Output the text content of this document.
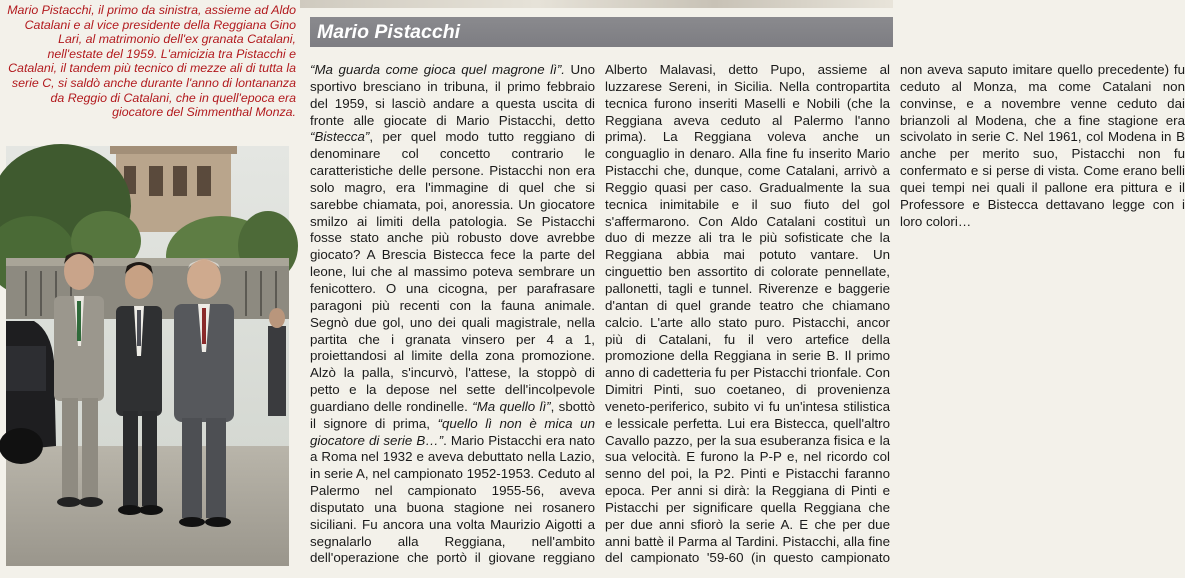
Mario Pistacchi, il primo da sinistra, assieme ad Aldo Catalani e al vice presidente della Reggiana Gino Lari, al matrimonio dell'ex granata Catalani, nell'estate del 1959. L'amicizia tra Pistacchi e Catalani, il tandem più tecnico di mezze ali di tutta la serie C, si saldò anche durante l'anno di lontananza da Reggio di Catalani, che in quell'epoca era giocatore del Simmenthal Monza.
Mario Pistacchi

“Ma guarda come gioca quel magrone lì”. Uno sportivo bresciano in tribuna, il primo febbraio del 1959, si lasciò andare a questa uscita di fronte alle giocate di Mario Pistacchi, detto “Bistecca”, per quel modo tutto reggiano di denominare col concetto contrario le caratteristiche delle persone. Pistacchi non era solo magro, era l'immagine di quel che si sarebbe chiamata, poi, anoressia. Un giocatore smilzo ai limiti della patologia. Se Pistacchi fosse stato anche più robusto dove avrebbe giocato? A Brescia Bistecca fece la parte del leone, lui che al massimo poteva sembrare un fenicottero. O una cicogna, per parafrasare paragoni più recenti con la fauna animale. Segnò due gol, uno dei quali magistrale, nella partita che i granata vinsero per 4 a 1, proiettandosi al limite della zona promozione. Alzò la palla, s'incurvò, l'attese, la stoppò di petto e la depose nel sette dell'incolpevole guardiano delle rondinelle. “Ma quello lì”, sbottò il signore di prima, “quello lì non è mica un giocatore di serie B…”. Mario Pistacchi era nato a Roma nel 1932 e aveva debuttato nella Lazio, in serie A, nel campionato 1952-1953. Ceduto al Palermo nel campionato 1955-56, aveva disputato una buona stagione nei rosanero siciliani. Fu ancora una volta Maurizio Aigotti a segnalarlo alla Reggiana, nell'ambito dell'operazione che portò il giovane reggiano Alberto Malavasi, detto Pupo, assieme al luzzarese Sereni, in Sicilia. Nella contropartita tecnica furono inseriti Maselli e Nobili (che la Reggiana aveva ceduto al Palermo l'anno prima). La Reggiana voleva anche un conguaglio in denaro. Alla fine fu inserito Mario Pistacchi che, dunque, come Catalani, arrivò a Reggio quasi per caso. Gradualmente la sua tecnica inimitabile e il suo fiuto del gol s'affermarono. Con Aldo Catalani costituì un duo di mezze ali tra le più sofisticate che la Reggiana abbia mai potuto vantare. Un cinguettio ben assortito di colorate pennellate, pallonetti, tagli e tunnel. Riverenze e baggerie d'antan di quel grande teatro che chiamano calcio. L'arte allo stato puro. Pistacchi, ancor più di Catalani, fu il vero artefice della promozione della Reggiana in serie B. Il primo anno di cadetteria fu per Pistacchi trionfale. Con Dimitri Pinti, suo coetaneo, di provenienza veneto-periferico, subito vi fu un'intesa stilistica e lessicale perfetta. Lui era Bistecca, quell'altro Cavallo pazzo, per la sua esuberanza fisica e la sua velocità. E furono la P-P e, nel ricordo col senno del poi, la P2. Pinti e Pistacchi faranno epoca. Per anni si dirà: la Reggiana di Pinti e Pistacchi per significare quella Reggiana che per due anni sfiorò la serie A. E che per due anni battè il Parma al Tardini. Pistacchi, alla fine del campionato '59-60 (in questo campionato non aveva saputo imitare quello precedente) fu ceduto al Monza, ma come Catalani non convinse, e a novembre venne ceduto dai brianzoli al Modena, che a fine stagione era scivolato in serie C. Nel 1961, col Modena in B anche per merito suo, Pistacchi non fu confermato e si perse di vista. Come erano belli quei tempi nei quali il pallone era pittura e il Professore e Bistecca dettavano legge con i loro colori…
